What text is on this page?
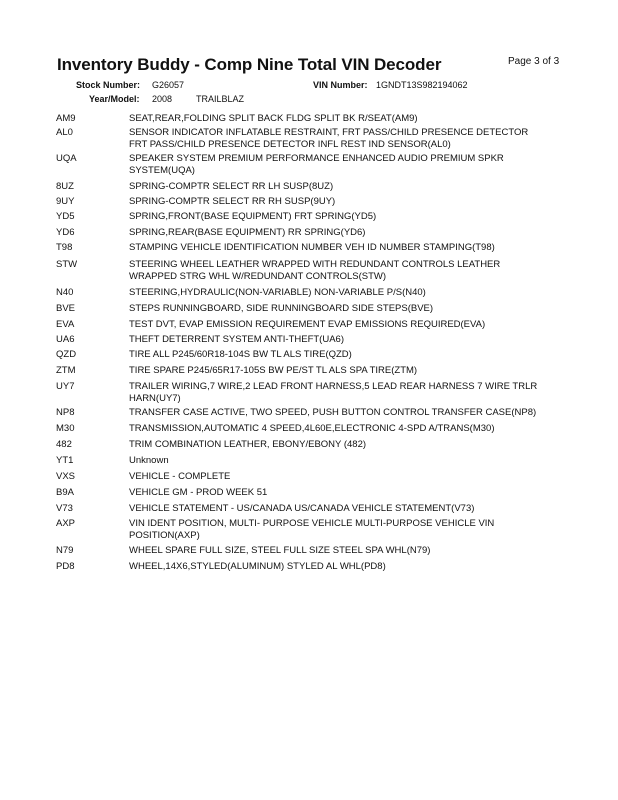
Inventory Buddy - Comp Nine Total VIN Decoder	Page 3 of 3
Stock Number: G26057	VIN Number: 1GNDT13S982194062
Year/Model: 2008	TRAILBLAZ
AM9	SEAT,REAR,FOLDING SPLIT BACK FLDG SPLIT BK R/SEAT(AM9)
AL0	SENSOR INDICATOR INFLATABLE RESTRAINT, FRT PASS/CHILD PRESENCE DETECTOR
FRT PASS/CHILD PRESENCE DETECTOR INFL REST IND SENSOR(AL0)
UQA	SPEAKER SYSTEM PREMIUM PERFORMANCE ENHANCED AUDIO PREMIUM SPKR
SYSTEM(UQA)
8UZ	SPRING-COMPTR SELECT RR LH SUSP(8UZ)
9UY	SPRING-COMPTR SELECT RR RH SUSP(9UY)
YD5	SPRING,FRONT(BASE EQUIPMENT) FRT SPRING(YD5)
YD6	SPRING,REAR(BASE EQUIPMENT) RR SPRING(YD6)
T98	STAMPING VEHICLE IDENTIFICATION NUMBER VEH ID NUMBER STAMPING(T98)
STW	STEERING WHEEL LEATHER WRAPPED WITH REDUNDANT CONTROLS LEATHER
WRAPPED STRG WHL W/REDUNDANT CONTROLS(STW)
N40	STEERING,HYDRAULIC(NON-VARIABLE) NON-VARIABLE P/S(N40)
BVE	STEPS RUNNINGBOARD, SIDE RUNNINGBOARD SIDE STEPS(BVE)
EVA	TEST DVT, EVAP EMISSION REQUIREMENT EVAP EMISSIONS REQUIRED(EVA)
UA6	THEFT DETERRENT SYSTEM ANTI-THEFT(UA6)
QZD	TIRE ALL P245/60R18-104S BW TL ALS TIRE(QZD)
ZTM	TIRE SPARE P245/65R17-105S BW PE/ST TL ALS SPA TIRE(ZTM)
UY7	TRAILER WIRING,7 WIRE,2 LEAD FRONT HARNESS,5 LEAD REAR HARNESS 7 WIRE TRLR
HARN(UY7)
NP8	TRANSFER CASE ACTIVE, TWO SPEED, PUSH BUTTON CONTROL TRANSFER CASE(NP8)
M30	TRANSMISSION,AUTOMATIC 4 SPEED,4L60E,ELECTRONIC 4-SPD A/TRANS(M30)
482	TRIM COMBINATION LEATHER, EBONY/EBONY (482)
YT1	Unknown
VXS	VEHICLE - COMPLETE
B9A	VEHICLE GM - PROD WEEK 51
V73	VEHICLE STATEMENT - US/CANADA US/CANADA VEHICLE STATEMENT(V73)
AXP	VIN IDENT POSITION, MULTI- PURPOSE VEHICLE MULTI-PURPOSE VEHICLE VIN
POSITION(AXP)
N79	WHEEL SPARE FULL SIZE, STEEL FULL SIZE STEEL SPA WHL(N79)
PD8	WHEEL,14X6,STYLED(ALUMINUM) STYLED AL WHL(PD8)
